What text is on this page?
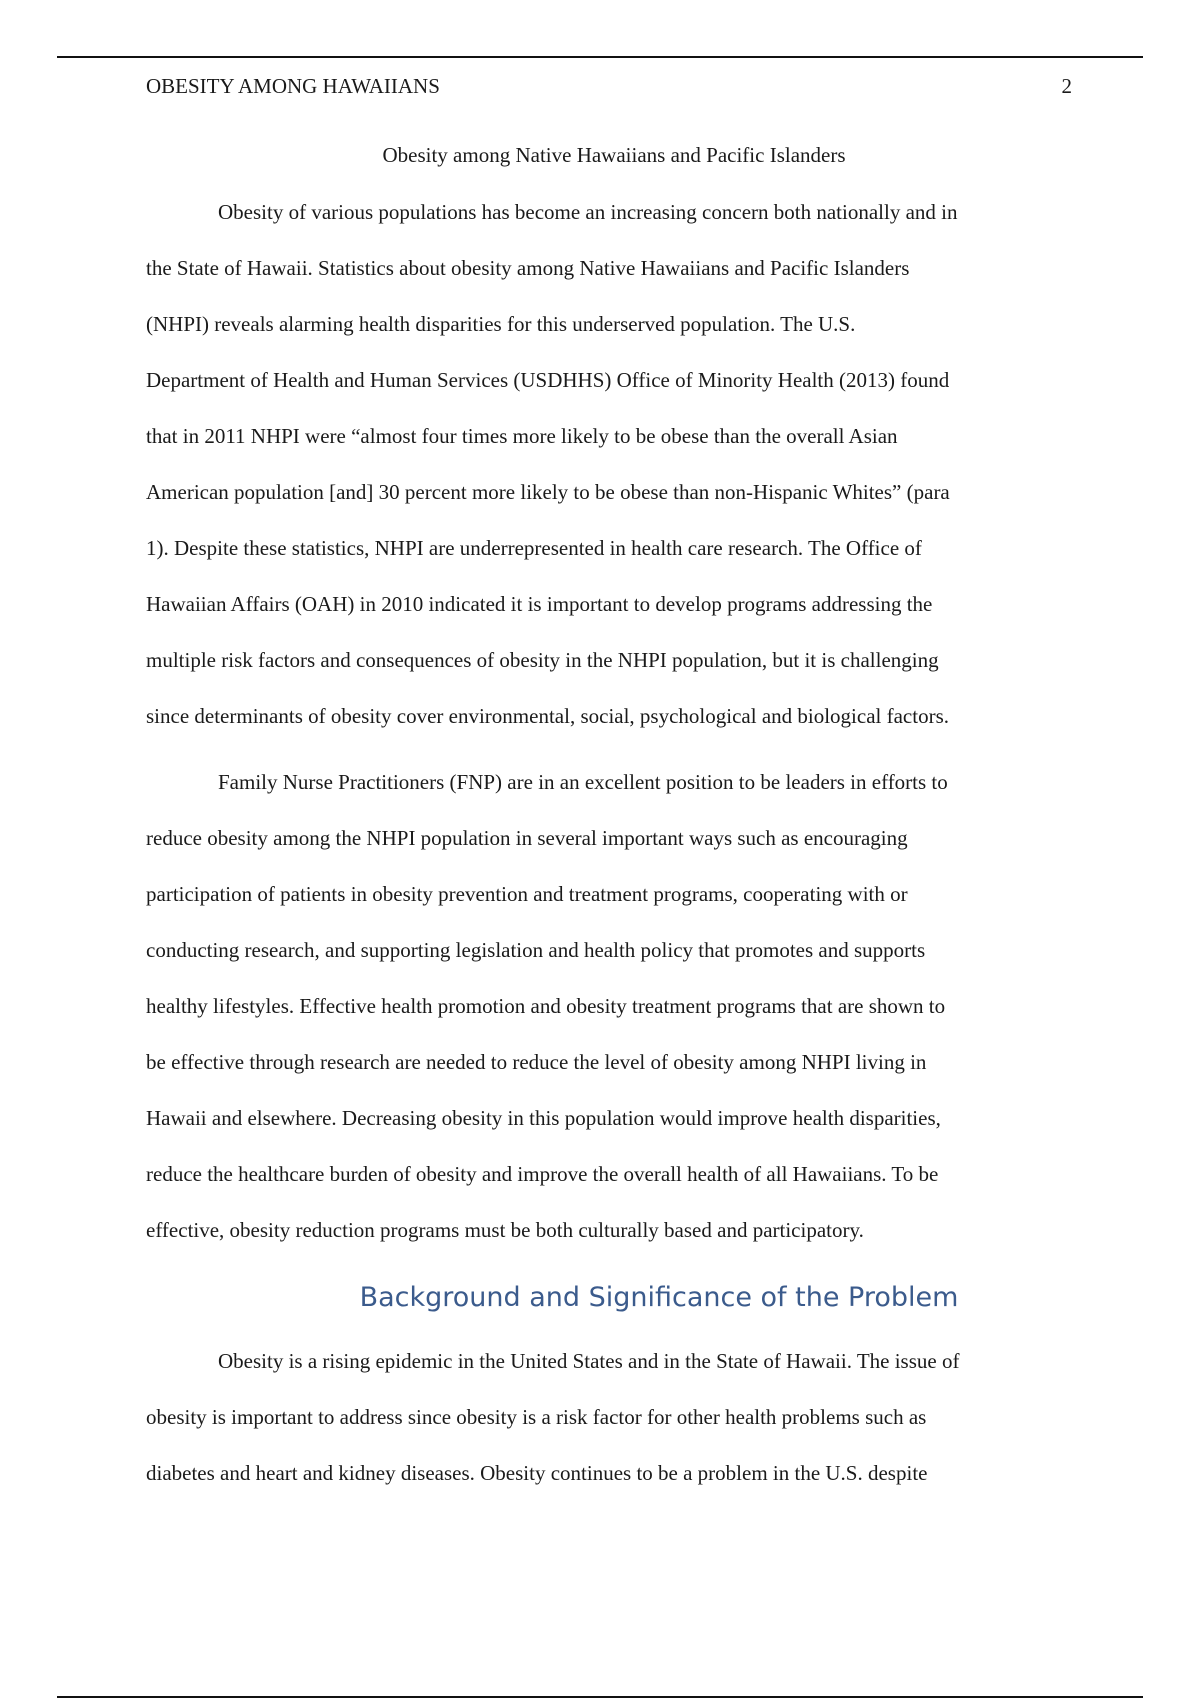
OBESITY AMONG HAWAIIANS	2
Obesity among Native Hawaiians and Pacific Islanders

Obesity of various populations has become an increasing concern both nationally and in
the State of Hawaii. Statistics about obesity among Native Hawaiians and Pacific Islanders
(NHPI) reveals alarming health disparities for this underserved population. The U.S.
Department of Health and Human Services (USDHHS) Office of Minority Health (2013) found
that in 2011 NHPI were “almost four times more likely to be obese than the overall Asian
American population [and] 30 percent more likely to be obese than non-Hispanic Whites” (para
1). Despite these statistics, NHPI are underrepresented in health care research. The Office of
Hawaiian Affairs (OAH) in 2010 indicated it is important to develop programs addressing the
multiple risk factors and consequences of obesity in the NHPI population, but it is challenging
since determinants of obesity cover environmental, social, psychological and biological factors.

Family Nurse Practitioners (FNP) are in an excellent position to be leaders in efforts to
reduce obesity among the NHPI population in several important ways such as encouraging
participation of patients in obesity prevention and treatment programs, cooperating with or
conducting research, and supporting legislation and health policy that promotes and supports
healthy lifestyles. Effective health promotion and obesity treatment programs that are shown to
be effective through research are needed to reduce the level of obesity among NHPI living in
Hawaii and elsewhere. Decreasing obesity in this population would improve health disparities,
reduce the healthcare burden of obesity and improve the overall health of all Hawaiians. To be
effective, obesity reduction programs must be both culturally based and participatory.

Background and Significance of the Problem

Obesity is a rising epidemic in the United States and in the State of Hawaii. The issue of
obesity is important to address since obesity is a risk factor for other health problems such as
diabetes and heart and kidney diseases. Obesity continues to be a problem in the U.S. despite
